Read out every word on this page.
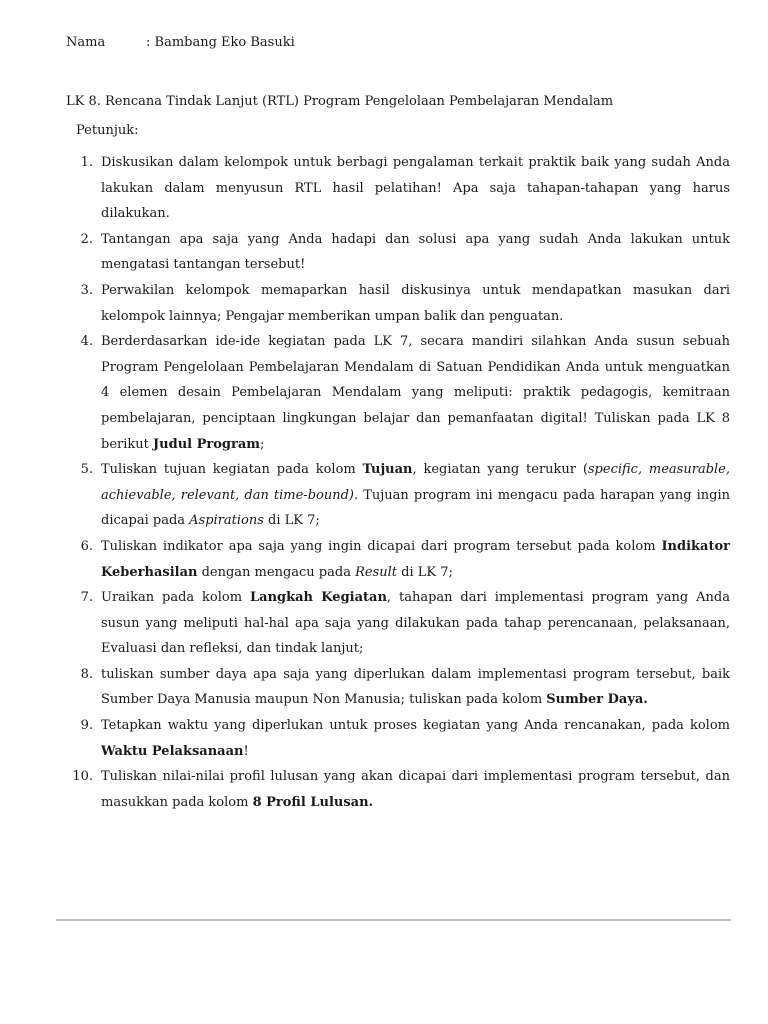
Nama	: Bambang Eko Basuki
LK 8. Rencana Tindak Lanjut (RTL) Program Pengelolaan Pembelajaran Mendalam
Petunjuk:
1. Diskusikan dalam kelompok untuk berbagi pengalaman terkait praktik baik yang sudah Anda lakukan dalam menyusun RTL hasil pelatihan! Apa saja tahapan-tahapan yang harus dilakukan.
2. Tantangan apa saja yang Anda hadapi dan solusi apa yang sudah Anda lakukan untuk mengatasi tantangan tersebut!
3. Perwakilan kelompok memaparkan hasil diskusinya untuk mendapatkan masukan dari kelompok lainnya; Pengajar memberikan umpan balik dan penguatan.
4. Berderdasarkan ide-ide kegiatan pada LK 7, secara mandiri silahkan Anda susun sebuah Program Pengelolaan Pembelajaran Mendalam di Satuan Pendidikan Anda untuk menguatkan 4 elemen desain Pembelajaran Mendalam yang meliputi: praktik pedagogis, kemitraan pembelajaran, penciptaan lingkungan belajar dan pemanfaatan digital! Tuliskan pada LK 8 berikut Judul Program;
5. Tuliskan tujuan kegiatan pada kolom Tujuan, kegiatan yang terukur (specific, measurable, achievable, relevant, dan time-bound). Tujuan program ini mengacu pada harapan yang ingin dicapai pada Aspirations di LK 7;
6. Tuliskan indikator apa saja yang ingin dicapai dari program tersebut pada kolom Indikator Keberhasilan dengan mengacu pada Result di LK 7;
7. Uraikan pada kolom Langkah Kegiatan, tahapan dari implementasi program yang Anda susun yang meliputi hal-hal apa saja yang dilakukan pada tahap perencanaan, pelaksanaan, Evaluasi dan refleksi, dan tindak lanjut;
8. tuliskan sumber daya apa saja yang diperlukan dalam implementasi program tersebut, baik Sumber Daya Manusia maupun Non Manusia; tuliskan pada kolom Sumber Daya.
9. Tetapkan waktu yang diperlukan untuk proses kegiatan yang Anda rencanakan, pada kolom Waktu Pelaksanaan!
10. Tuliskan nilai-nilai profil lulusan yang akan dicapai dari implementasi program tersebut, dan masukkan pada kolom 8 Profil Lulusan.
